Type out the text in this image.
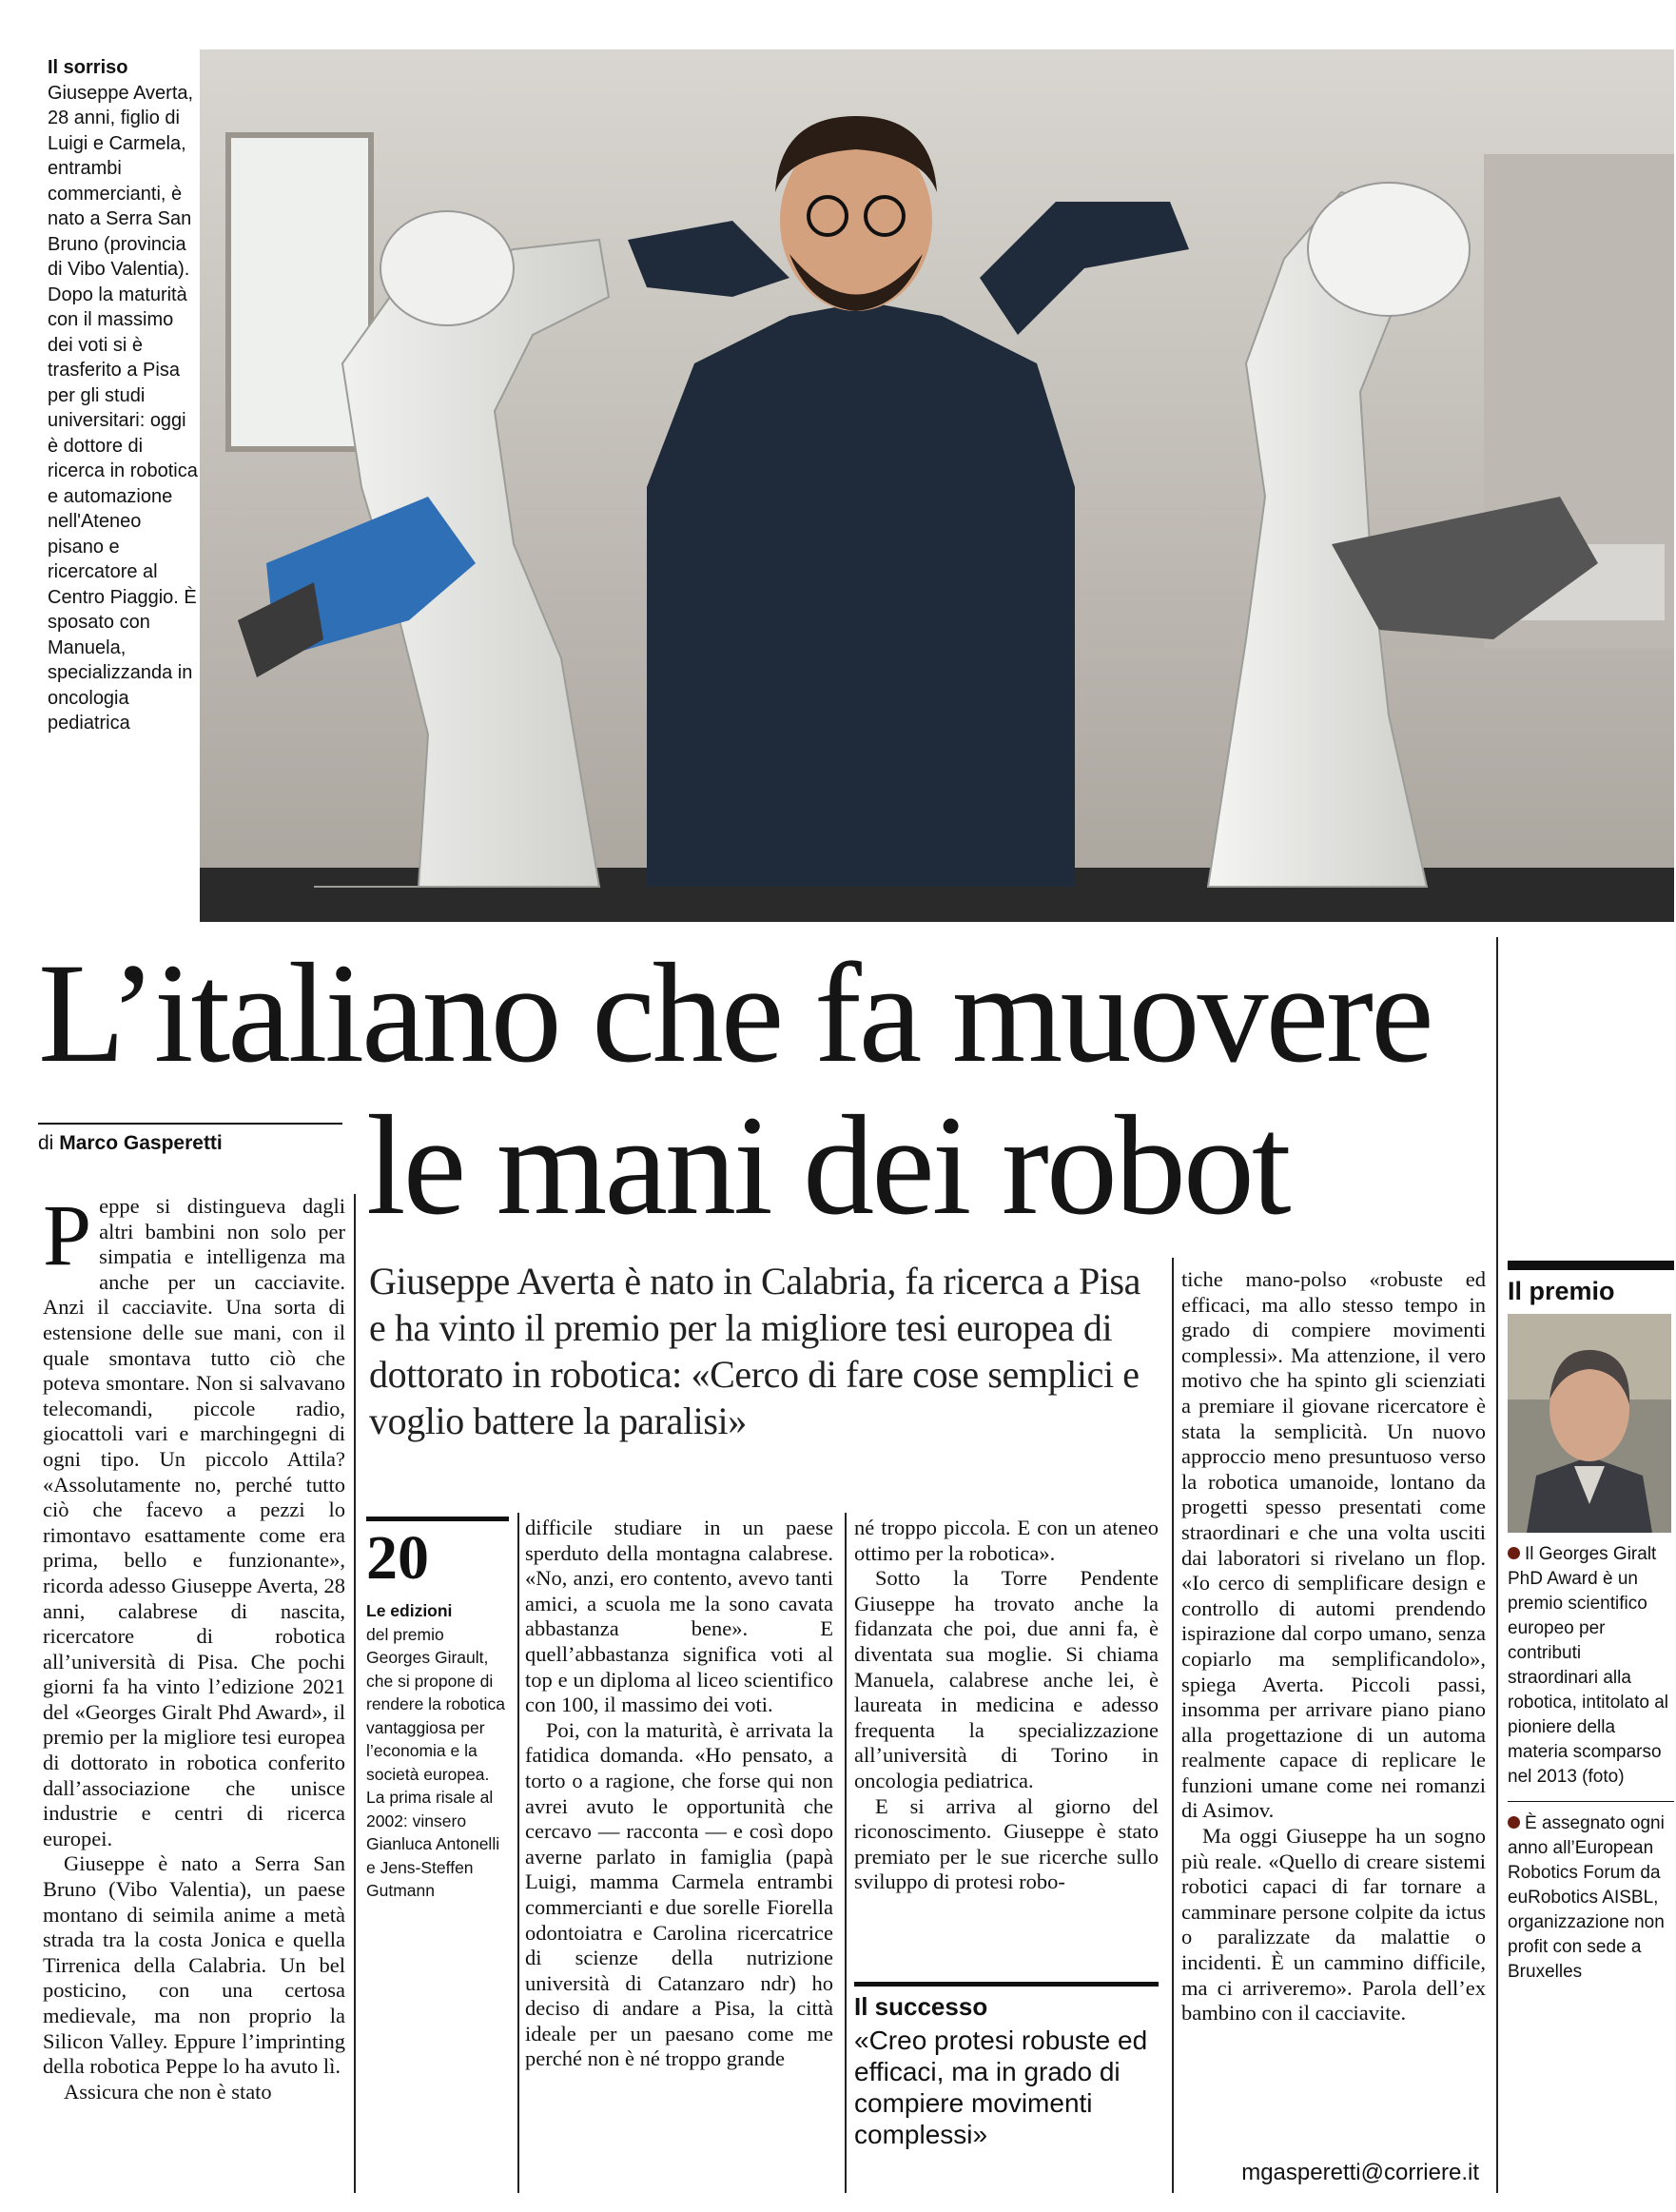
Il sorriso
Giuseppe Averta, 28 anni, figlio di Luigi e Carmela, entrambi commercianti, è nato a Serra San Bruno (provincia di Vibo Valentia). Dopo la maturità con il massimo dei voti si è trasferito a Pisa per gli studi universitari: oggi è dottore di ricerca in robotica e automazione nell'Ateneo pisano e ricercatore al Centro Piaggio. È sposato con Manuela, specializzanda in oncologia pediatrica
L’italiano che fa muovere
le mani dei robot
di Marco Gasperetti
Giuseppe Averta è nato in Calabria, fa ricerca a Pisa e ha vinto il premio per la migliore tesi europea di dottorato in robotica: «Cerco di fare cose semplici e voglio battere la paralisi»

Peppe si distingueva dagli altri bambini non solo per simpatia e intelligenza ma anche per un cacciavite. Anzi il cacciavite. Una sorta di estensione delle sue mani, con il quale smontava tutto ciò che poteva smontare. Non si salvavano telecomandi, piccole radio, giocattoli vari e marchingegni di ogni tipo. Un piccolo Attila? «Assolutamente no, perché tutto ciò che facevo a pezzi lo rimontavo esattamente come era prima, bello e funzionante», ricorda adesso Giuseppe Averta, 28 anni, calabrese di nascita, ricercatore di robotica all’università di Pisa. Che pochi giorni fa ha vinto l’edizione 2021 del «Georges Giralt Phd Award», il premio per la migliore tesi europea di dottorato in robotica conferito dall’associazione che unisce industrie e centri di ricerca europei.

Giuseppe è nato a Serra San Bruno (Vibo Valentia), un paese montano di seimila anime a metà strada tra la costa Jonica e quella Tirrenica della Calabria. Un bel posticino, con una certosa medievale, ma non proprio la Silicon Valley. Eppure l’imprinting della robotica Peppe lo ha avuto lì.

Assicura che non è stato

20
Le edizioni
del premio Georges Girault, che si propone di rendere la robotica vantaggiosa per l’economia e la società europea. La prima risale al 2002: vinsero Gianluca Antonelli e Jens-Steffen Gutmann

difficile studiare in un paese sperduto della montagna calabrese. «No, anzi, ero contento, avevo tanti amici, a scuola me la sono cavata abbastanza bene». E quell’abbastanza significa voti al top e un diploma al liceo scientifico con 100, il massimo dei voti.

Poi, con la maturità, è arrivata la fatidica domanda. «Ho pensato, a torto o a ragione, che forse qui non avrei avuto le opportunità che cercavo — racconta — e così dopo averne parlato in famiglia (papà Luigi, mamma Carmela entrambi commercianti e due sorelle Fiorella odontoiatra e Carolina ricercatrice di scienze della nutrizione università di Catanzaro ndr) ho deciso di andare a Pisa, la città ideale per un paesano come me perché non è né troppo grande

né troppo piccola. E con un ateneo ottimo per la robotica».

Sotto la Torre Pendente Giuseppe ha trovato anche la fidanzata che poi, due anni fa, è diventata sua moglie. Si chiama Manuela, calabrese anche lei, è laureata in medicina e adesso frequenta la specializzazione all’università di Torino in oncologia pediatrica.

E si arriva al giorno del riconoscimento. Giuseppe è stato premiato per le sue ricerche sullo sviluppo di protesi robo-

Il successo
«Creo protesi robuste ed efficaci, ma in grado di compiere movimenti complessi»

tiche mano-polso «robuste ed efficaci, ma allo stesso tempo in grado di compiere movimenti complessi». Ma attenzione, il vero motivo che ha spinto gli scienziati a premiare il giovane ricercatore è stata la semplicità. Un nuovo approccio meno presuntuoso verso la robotica umanoide, lontano da progetti spesso presentati come straordinari e che una volta usciti dai laboratori si rivelano un flop. «Io cerco di semplificare design e controllo di automi prendendo ispirazione dal corpo umano, senza copiarlo ma semplificandolo», spiega Averta. Piccoli passi, insomma per arrivare piano piano alla progettazione di un automa realmente capace di replicare le funzioni umane come nei romanzi di Asimov.

Ma oggi Giuseppe ha un sogno più reale. «Quello di creare sistemi robotici capaci di far tornare a camminare persone colpite da ictus o paralizzate da malattie o incidenti. È un cammino difficile, ma ci arriveremo». Parola dell’ex bambino con il cacciavite.

mgasperetti@corriere.it
Il premio
Il Georges Giralt PhD Award è un premio scientifico europeo per contributi straordinari alla robotica, intitolato al pioniere della materia scomparso nel 2013 (foto)
È assegnato ogni anno all’European Robotics Forum da euRobotics AISBL, organizzazione non profit con sede a Bruxelles
